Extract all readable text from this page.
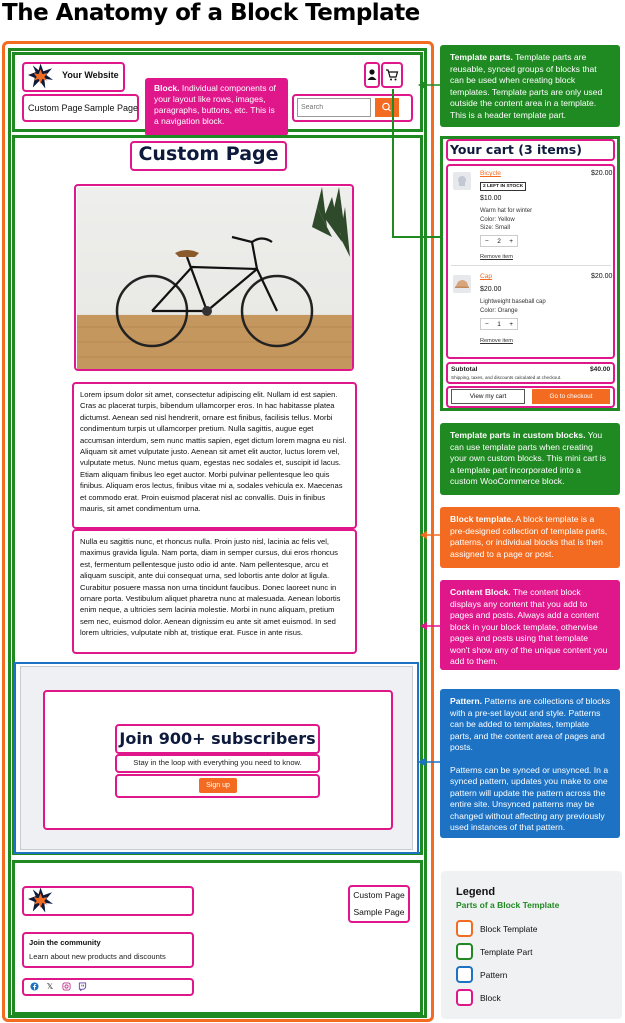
The Anatomy of a Block Template
Your Website
Custom Page Sample Page
Search
Block. Individual components of your layout like rows, images, paragraphs, buttons, etc. This is a navigation block.
Custom Page
Lorem ipsum dolor sit amet, consectetur adipiscing elit. Nullam id est sapien. Cras ac placerat turpis, bibendum ullamcorper eros. In hac habitasse platea dictumst. Aenean sed nisl hendrerit, ornare est finibus, facilisis tellus. Morbi condimentum turpis ut ullamcorper pretium. Nulla sagittis, augue eget accumsan interdum, sem nunc mattis sapien, eget dictum lorem magna eu nisl. Aliquam sit amet vulputate justo. Aenean sit amet elit auctor, luctus lorem vel, vulputate metus. Nunc metus quam, egestas nec sodales et, suscipit id lacus. Etiam aliquam finibus leo eget auctor. Morbi pulvinar pellentesque leo quis finibus. Aliquam eros lectus, finibus vitae mi a, sodales vehicula ex. Maecenas et commodo erat. Proin euismod placerat nisl ac convallis. Duis in finibus mauris, sit amet condimentum urna.
Nulla eu sagittis nunc, et rhoncus nulla. Proin justo nisl, lacinia ac felis vel, maximus gravida ligula. Nam porta, diam in semper cursus, dui eros rhoncus est, fermentum pellentesque justo odio id ante. Nam pellentesque, arcu et aliquam suscipit, ante dui consequat urna, sed lobortis ante dolor at ligula. Curabitur posuere massa non urna tincidunt faucibus. Donec laoreet nunc in ornare porta. Vestibulum aliquet pharetra nunc at malesuada. Aenean lobortis enim neque, a ultricies sem lacinia molestie. Morbi in nunc aliquam, pretium sem nec, euismod dolor. Aenean dignissim eu ante sit amet euismod. In sed lorem ultricies, vulputate nibh at, tristique erat. Fusce in ante risus.
Join 900+ subscribers
Stay in the loop with everything you need to know.
Sign up
Custom Page
Sample Page
Join the community
Learn about new products and discounts
𝕏
Template parts. Template parts are reusable, synced groups of blocks that can be used when creating block templates. Template parts are only used outside the content area in a template. This is a header template part.
Your cart (3 items)
Bicycle	$20.00
2 LEFT IN STOCK
$10.00
Warm hat for winter
Color: Yellow
Size: Small
− 2 +
Remove item
Cap	$20.00
$20.00
Lightweight baseball cap
Color: Orange
− 1 +
Remove item
Subtotal	$40.00
Shipping, taxes, and discounts calculated at checkout.
View my cart	Go to checkout
Template parts in custom blocks. You can use template parts when creating your own custom blocks. This mini cart is a template part incorporated into a custom WooCommerce block.
Block template. A block template is a pre-designed collection of template parts, patterns, or individual blocks that is then assigned to a page or post.
Content Block. The content block displays any content that you add to pages and posts. Always add a content block in your block template, otherwise pages and posts using that template won't show any of the unique content you add to them.
Pattern. Patterns are collections of blocks with a pre-set layout and style. Patterns can be added to templates, template parts, and the content area of pages and posts.
Patterns can be synced or unsynced. In a synced pattern, updates you make to one pattern will update the pattern across the entire site. Unsynced patterns may be changed without affecting any previously used instances of that pattern.
Legend
Parts of a Block Template
Block Template
Template Part
Pattern
Block
